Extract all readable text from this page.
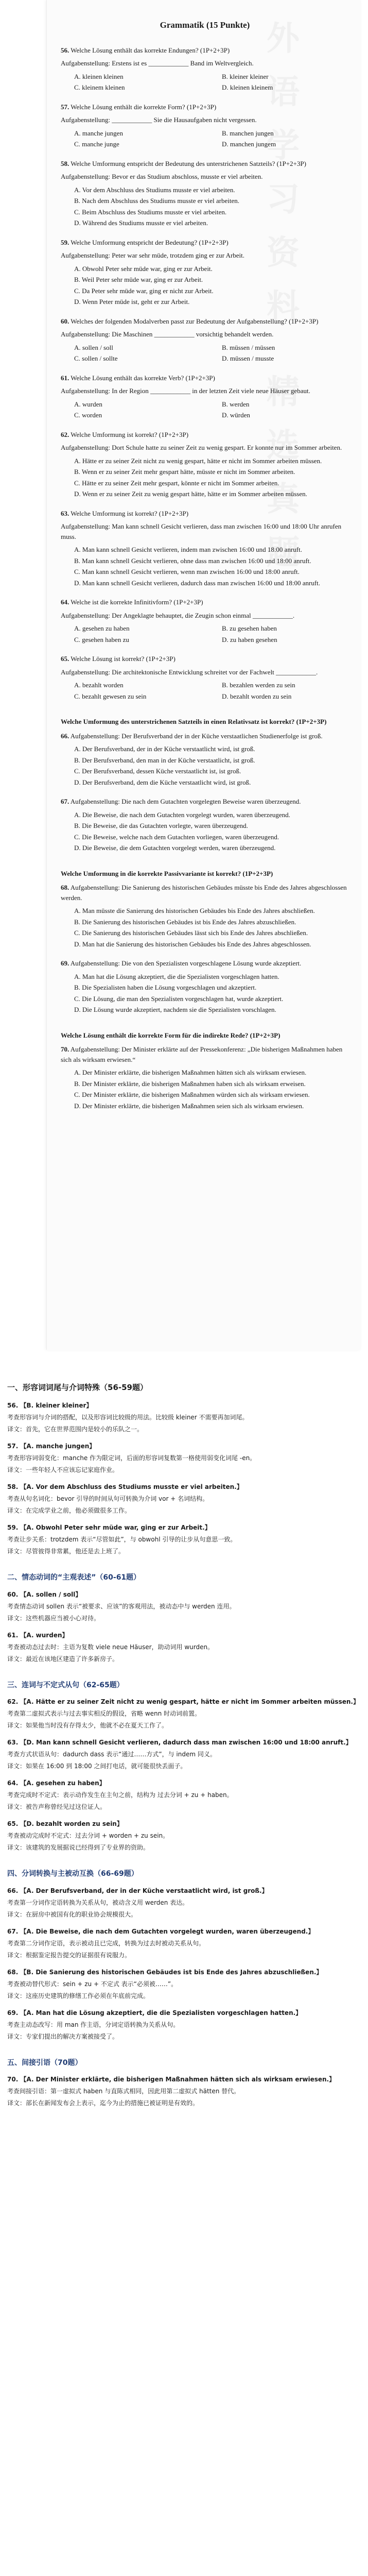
Grammatik (15 Punkte)

56. Welche Lösung enthält das korrekte Endungen? (1P+2+3P)

Aufgabenstellung: Erstens ist es ____________ Band im Weltvergleich.

A. kleinen kleinen	B. kleiner kleiner
C. kleinem kleinen	D. kleinen kleinem

57. Welche Lösung enthält die korrekte Form? (1P+2+3P)

Aufgabenstellung: ____________ Sie die Hausaufgaben nicht vergessen.

A. manche jungen	B. manchen jungen
C. manche junge	D. manchen jungem

58. Welche Umformung entspricht der Bedeutung des unterstrichenen Satzteils? (1P+2+3P)

Aufgabenstellung: Bevor er das Studium abschloss, musste er viel arbeiten.

A. Vor dem Abschluss des Studiums musste er viel arbeiten.
B. Nach dem Abschluss des Studiums musste er viel arbeiten.
C. Beim Abschluss des Studiums musste er viel arbeiten.
D. Während des Studiums musste er viel arbeiten.

59. Welche Umformung entspricht der Bedeutung? (1P+2+3P)

Aufgabenstellung: Peter war sehr müde, trotzdem ging er zur Arbeit.

A. Obwohl Peter sehr müde war, ging er zur Arbeit.
B. Weil Peter sehr müde war, ging er zur Arbeit.
C. Da Peter sehr müde war, ging er nicht zur Arbeit.
D. Wenn Peter müde ist, geht er zur Arbeit.

60. Welches der folgenden Modalverben passt zur Bedeutung der Aufgabenstellung? (1P+2+3P)

Aufgabenstellung: Die Maschinen ____________ vorsichtig behandelt werden.

A. sollen / soll	B. müssen / müssen
C. sollen / sollte	D. müssen / musste

61. Welche Lösung enthält das korrekte Verb? (1P+2+3P)

Aufgabenstellung: In der Region ____________ in der letzten Zeit viele neue Häuser gebaut.

A. wurden	B. werden
C. worden	D. würden

62. Welche Umformung ist korrekt? (1P+2+3P)

Aufgabenstellung: Dort Schule hatte zu seiner Zeit zu wenig gespart. Er konnte nur im Sommer arbeiten.

A. Hätte er zu seiner Zeit nicht zu wenig gespart, hätte er nicht im Sommer arbeiten müssen.
B. Wenn er zu seiner Zeit mehr gespart hätte, müsste er nicht im Sommer arbeiten.
C. Hätte er zu seiner Zeit mehr gespart, könnte er nicht im Sommer arbeiten.
D. Wenn er zu seiner Zeit zu wenig gespart hätte, hätte er im Sommer arbeiten müssen.

63. Welche Umformung ist korrekt? (1P+2+3P)

Aufgabenstellung: Man kann schnell Gesicht verlieren, dass man zwischen 16:00 und 18:00 Uhr anrufen muss.

A. Man kann schnell Gesicht verlieren, indem man zwischen 16:00 und 18:00 anruft.
B. Man kann schnell Gesicht verlieren, ohne dass man zwischen 16:00 und 18:00 anruft.
C. Man kann schnell Gesicht verlieren, wenn man zwischen 16:00 und 18:00 anruft.
D. Man kann schnell Gesicht verlieren, dadurch dass man zwischen 16:00 und 18:00 anruft.

64. Welche ist die korrekte Infinitivform? (1P+2+3P)

Aufgabenstellung: Der Angeklagte behauptet, die Zeugin schon einmal ____________.

A. gesehen zu haben	B. zu gesehen haben
C. gesehen haben zu	D. zu haben gesehen

65. Welche Lösung ist korrekt? (1P+2+3P)

Aufgabenstellung: Die architektonische Entwicklung schreitet vor der Fachwelt ____________.

A. bezahlt worden	B. bezahlen werden zu sein
C. bezahlt gewesen zu sein	D. bezahlt worden zu sein
Welche Umformung des unterstrichenen Satzteils in einen Relativsatz ist korrekt? (1P+2+3P)

66. Aufgabenstellung: Der Berufsverband der in der Küche verstaatlichen Studienerfolge ist groß.

A. Der Berufsverband, der in der Küche verstaatlicht wird, ist groß.
B. Der Berufsverband, den man in der Küche verstaatlicht, ist groß.
C. Der Berufsverband, dessen Küche verstaatlicht ist, ist groß.
D. Der Berufsverband, dem die Küche verstaatlicht wird, ist groß.

67. Aufgabenstellung: Die nach dem Gutachten vorgelegten Beweise waren überzeugend.

A. Die Beweise, die nach dem Gutachten vorgelegt wurden, waren überzeugend.
B. Die Beweise, die das Gutachten vorlegte, waren überzeugend.
C. Die Beweise, welche nach dem Gutachten vorliegen, waren überzeugend.
D. Die Beweise, die dem Gutachten vorgelegt werden, waren überzeugend.
Welche Umformung in die korrekte Passivvariante ist korrekt? (1P+2+3P)

68. Aufgabenstellung: Die Sanierung des historischen Gebäudes müsste bis Ende des Jahres abgeschlossen werden.

A. Man müsste die Sanierung des historischen Gebäudes bis Ende des Jahres abschließen.
B. Die Sanierung des historischen Gebäudes ist bis Ende des Jahres abzuschließen.
C. Die Sanierung des historischen Gebäudes lässt sich bis Ende des Jahres abschließen.
D. Man hat die Sanierung des historischen Gebäudes bis Ende des Jahres abgeschlossen.

69. Aufgabenstellung: Die von den Spezialisten vorgeschlagene Lösung wurde akzeptiert.

A. Man hat die Lösung akzeptiert, die die Spezialisten vorgeschlagen hatten.
B. Die Spezialisten haben die Lösung vorgeschlagen und akzeptiert.
C. Die Lösung, die man den Spezialisten vorgeschlagen hat, wurde akzeptiert.
D. Die Lösung wurde akzeptiert, nachdem sie die Spezialisten vorschlagen.
Welche Lösung enthält die korrekte Form für die indirekte Rede? (1P+2+3P)

70. Aufgabenstellung: Der Minister erklärte auf der Pressekonferenz: „Die bisherigen Maßnahmen haben sich als wirksam erwiesen.“

A. Der Minister erklärte, die bisherigen Maßnahmen hätten sich als wirksam erwiesen.
B. Der Minister erklärte, die bisherigen Maßnahmen haben sich als wirksam erweisen.
C. Der Minister erklärte, die bisherigen Maßnahmen würden sich als wirksam erwiesen.
D. Der Minister erklärte, die bisherigen Maßnahmen seien sich als wirksam erwiesen.
一、形容词词尾与介词特殊（56-59题）

56. 【B. kleiner kleiner】

考查形容词与介词的搭配，以及形容词比较级的用法。比较级 kleiner 不需要再加词尾。

译文：首先，它在世界范围内是较小的乐队之一。

57. 【A. manche jungen】

考查形容词弱变化：manche 作为限定词，后面的形容词复数第一格使用弱变化词尾 -en。

译文：一些年轻人不应该忘记家庭作业。

58. 【A. Vor dem Abschluss des Studiums musste er viel arbeiten.】

考查从句名词化：bevor 引导的时间从句可转换为介词 vor + 名词结构。

译文：在完成学业之前，他必须做很多工作。

59. 【A. Obwohl Peter sehr müde war, ging er zur Arbeit.】

考查让步关系：trotzdem 表示“尽管如此”，与 obwohl 引导的让步从句意思一致。

译文：尽管彼得非常累，他还是去上班了。

二、情态动词的“主观表述”（60-61题）

60. 【A. sollen / soll】

考查情态动词 sollen 表示“被要求、应该”的客观用法，被动态中与 werden 连用。

译文：这些机器应当被小心对待。

61. 【A. wurden】

考查被动态过去时：主语为复数 viele neue Häuser，助动词用 wurden。

译文：最近在该地区建造了许多新房子。

三、连词与不定式从句（62-65题）

62. 【A. Hätte er zu seiner Zeit nicht zu wenig gespart, hätte er nicht im Sommer arbeiten müssen.】

考查第二虚拟式表示与过去事实相反的假设，省略 wenn 时动词前置。

译文：如果他当时没有存得太少，他就不必在夏天工作了。

63. 【D. Man kann schnell Gesicht verlieren, dadurch dass man zwischen 16:00 und 18:00 anruft.】

考查方式状语从句：dadurch dass 表示“通过……方式”，与 indem 同义。

译文：如果在 16:00 到 18:00 之间打电话，就可能很快丢面子。

64. 【A. gesehen zu haben】

考查完成时不定式：表示动作发生在主句之前，结构为 过去分词 + zu + haben。

译文：被告声称曾经见过这位证人。

65. 【D. bezahlt worden zu sein】

考查被动完成时不定式：过去分词 + worden + zu sein。

译文：该建筑的发展据说已经得到了专业界的资助。

四、分词转换与主被动互换（66-69题）

66. 【A. Der Berufsverband, der in der Küche verstaatlicht wird, ist groß.】

考查第一分词作定语转换为关系从句，被动含义用 werden 表达。

译文：在厨房中被国有化的职业协会规模很大。

67. 【A. Die Beweise, die nach dem Gutachten vorgelegt wurden, waren überzeugend.】

考查第二分词作定语，表示被动且已完成，转换为过去时被动关系从句。

译文：根据鉴定报告提交的证据很有说服力。

68. 【B. Die Sanierung des historischen Gebäudes ist bis Ende des Jahres abzuschließen.】

考查被动替代形式：sein + zu + 不定式 表示“必须被……”。

译文：这座历史建筑的修缮工作必须在年底前完成。

69. 【A. Man hat die Lösung akzeptiert, die die Spezialisten vorgeschlagen hatten.】

考查主动态改写：用 man 作主语，分词定语转换为关系从句。

译文：专家们提出的解决方案被接受了。

五、间接引语（70题）

70. 【A. Der Minister erklärte, die bisherigen Maßnahmen hätten sich als wirksam erwiesen.】

考查间接引语：第一虚拟式 haben 与直陈式相同，因此用第二虚拟式 hätten 替代。

译文：部长在新闻发布会上表示，迄今为止的措施已被证明是有效的。
